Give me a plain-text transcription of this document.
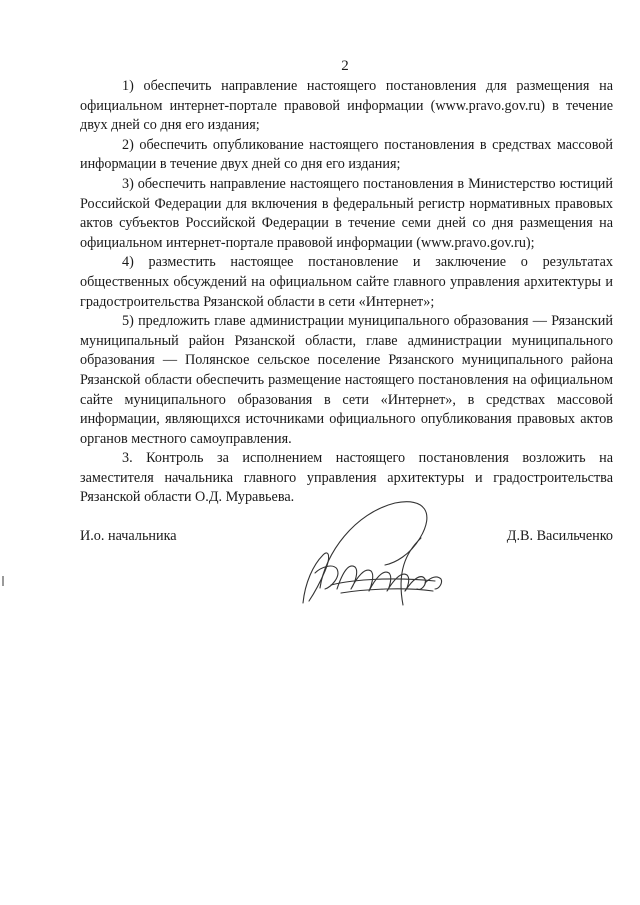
2

1) обеспечить направление настоящего постановления для размещения на официальном интернет-портале правовой информации (www.pravo.gov.ru) в течение двух дней со дня его издания;

2) обеспечить опубликование настоящего постановления в средствах массовой информации в течение двух дней со дня его издания;

3) обеспечить направление настоящего постановления в Министерство юстиций Российской Федерации для включения в федеральный регистр нормативных правовых актов субъектов Российской Федерации в течение семи дней со дня размещения на официальном интернет-портале правовой информации (www.pravo.gov.ru);

4) разместить настоящее постановление и заключение о результатах общественных обсуждений на официальном сайте главного управления архитектуры и градостроительства Рязанской области в сети «Интернет»;

5) предложить главе администрации муниципального образования — Рязанский муниципальный район Рязанской области, главе администрации муниципального образования — Полянское сельское поселение Рязанского муниципального района Рязанской области обеспечить размещение настоящего постановления на официальном сайте муниципального образования в сети «Интернет», в средствах массовой информации, являющихся источниками официального опубликования правовых актов органов местного самоуправления.

3. Контроль за исполнением настоящего постановления возложить на заместителя начальника главного управления архитектуры и градостроительства Рязанской области О.Д. Муравьева.

И.о. начальника	Д.В. Васильченко
